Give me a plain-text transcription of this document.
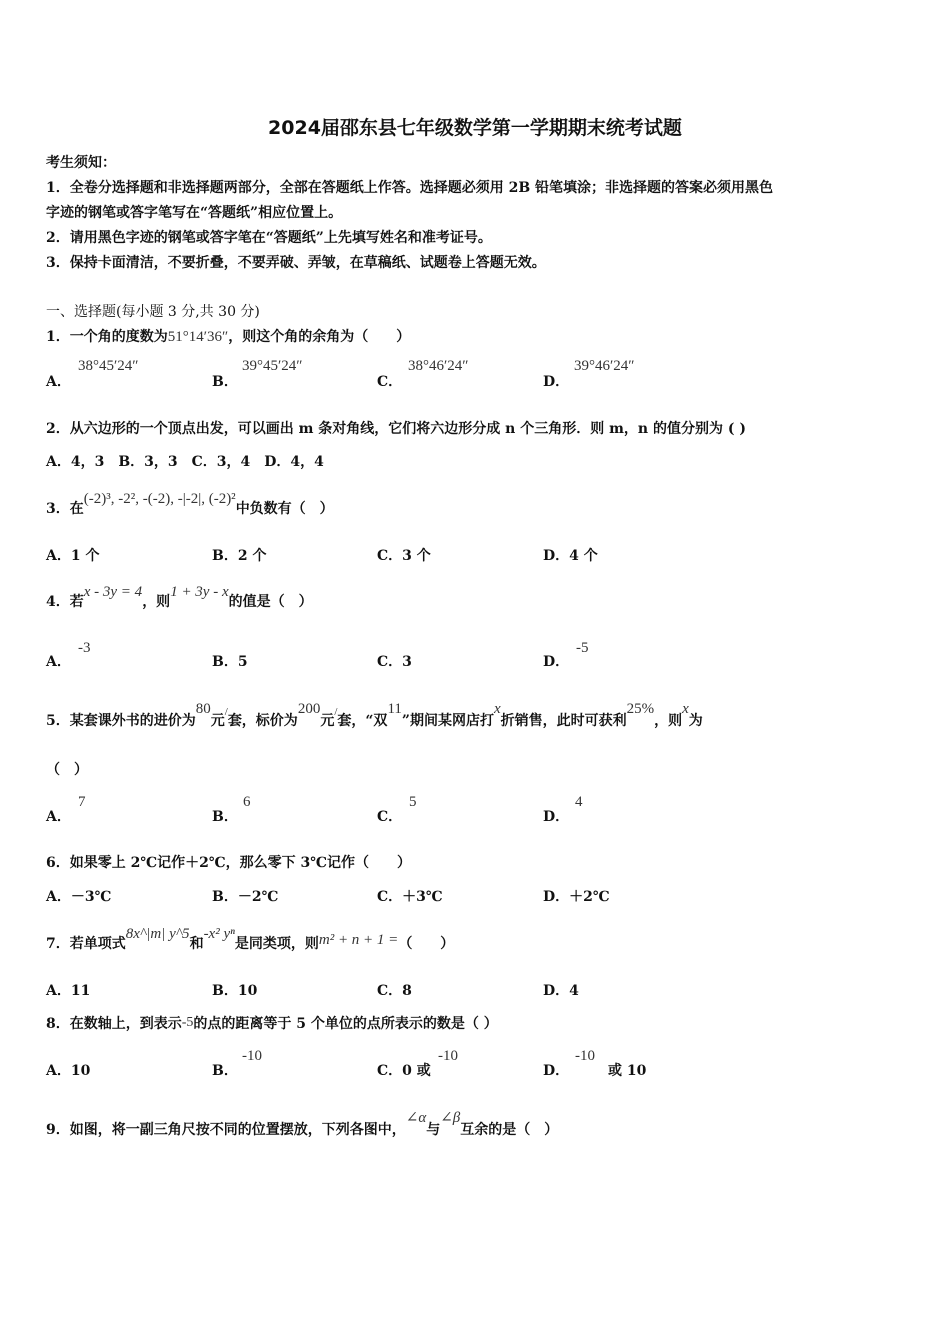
2024届邵东县七年级数学第一学期期末统考试题
考生须知：
1．全卷分选择题和非选择题两部分，全部在答题纸上作答。选择题必须用 2B 铅笔填涂；非选择题的答案必须用黑色
字迹的钢笔或答字笔写在“答题纸”相应位置上。
2．请用黑色字迹的钢笔或答字笔在“答题纸”上先填写姓名和准考证号。
3．保持卡面清洁，不要折叠，不要弄破、弄皱，在草稿纸、试题卷上答题无效。
一、选择题(每小题 3 分,共 30 分)
1．一个角的度数为51°14′36″，则这个角的余角为（　　）
A．
38°45′24″
B．
39°45′24″
C．
38°46′24″
D．
39°46′24″
2．从六边形的一个顶点出发，可以画出 m 条对角线，它们将六边形分成 n 个三角形．则 m，n 的值分别为 ( )
A．4，3　B．3，3　C．3，4　D．4，4
3．在(-2)³, -2², -(-2), -|-2|, (-2)²中负数有（　）
A．1 个	B．2 个	C．3 个	D．4 个
4．若x - 3y = 4，则1 + 3y - x的值是（　）
A．
-3
B．5	C．3	D．
-5
5．某套课外书的进价为80元/套，标价为200元/套，“双11”期间某网店打x折销售，此时可获利25%，则x为
（　）
A．
7
B．
6
C．
5
D．
4
6．如果零上 2℃记作＋2℃，那么零下 3℃记作（　　）
A．－3℃	B．－2℃	C．＋3℃	D．＋2℃
7．若单项式8x^|m| y^5和-x² yⁿ是同类项，则m² + n + 1 =（　　）
A．11	B．10	C．8	D．4
8．在数轴上，到表示-5的点的距离等于 5 个单位的点所表示的数是（ ）
A．10	B．
-10
C．0 或
-10
D．
-10
或 10
9．如图，将一副三角尺按不同的位置摆放，下列各图中，∠α与∠β互余的是（　）
